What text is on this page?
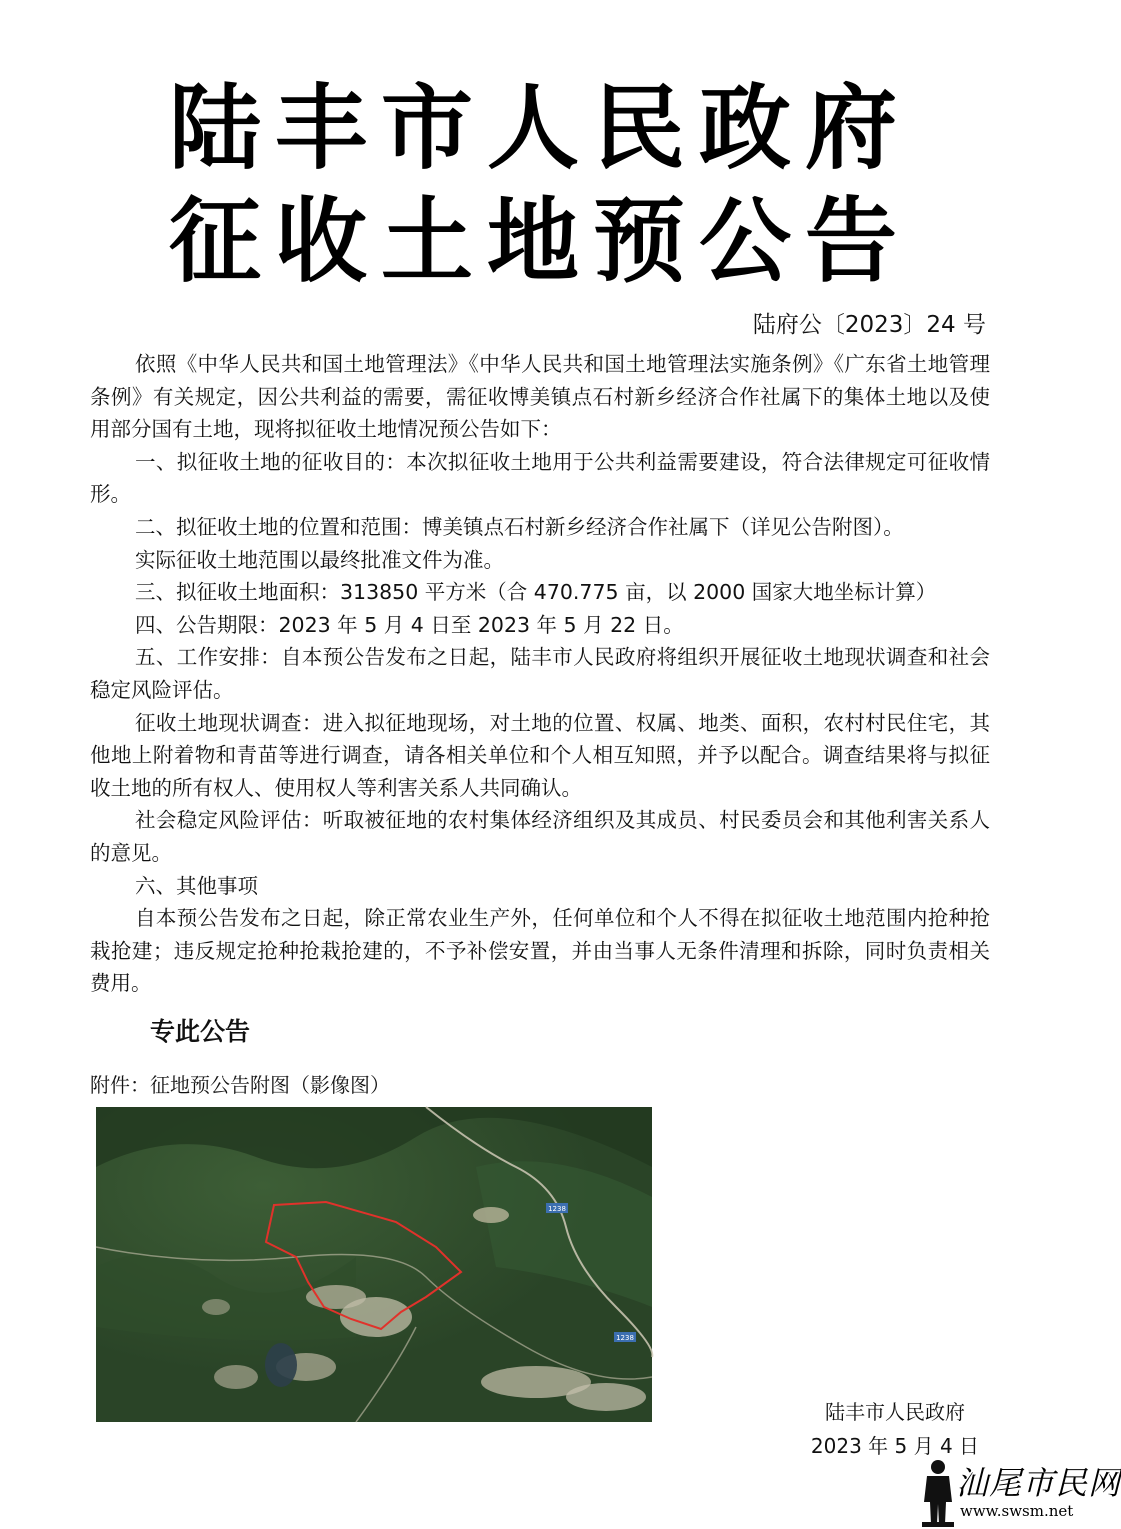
陆丰市人民政府
征收土地预公告
陆府公〔2023〕24 号

依照《中华人民共和国土地管理法》《中华人民共和国土地管理法实施条例》《广东省土地管理条例》有关规定，因公共利益的需要，需征收博美镇点石村新乡经济合作社属下的集体土地以及使用部分国有土地，现将拟征收土地情况预公告如下：

一、拟征收土地的征收目的：本次拟征收土地用于公共利益需要建设，符合法律规定可征收情形。

二、拟征收土地的位置和范围：博美镇点石村新乡经济合作社属下（详见公告附图）。

实际征收土地范围以最终批准文件为准。

三、拟征收土地面积：313850 平方米（合 470.775 亩，以 2000 国家大地坐标计算）

四、公告期限：2023 年 5 月 4 日至 2023 年 5 月 22 日。

五、工作安排：自本预公告发布之日起，陆丰市人民政府将组织开展征收土地现状调查和社会稳定风险评估。

征收土地现状调查：进入拟征地现场，对土地的位置、权属、地类、面积，农村村民住宅，其他地上附着物和青苗等进行调查，请各相关单位和个人相互知照，并予以配合。调查结果将与拟征收土地的所有权人、使用权人等利害关系人共同确认。

社会稳定风险评估：听取被征地的农村集体经济组织及其成员、村民委员会和其他利害关系人的意见。

六、其他事项

自本预公告发布之日起，除正常农业生产外，任何单位和个人不得在拟征收土地范围内抢种抢栽抢建；违反规定抢种抢栽抢建的，不予补偿安置，并由当事人无条件清理和拆除，同时负责相关费用。

专此公告
附件：征地预公告附图（影像图）
1238
1238
陆丰市人民政府
2023 年 5 月 4 日
汕尾市民网
www.swsm.net
